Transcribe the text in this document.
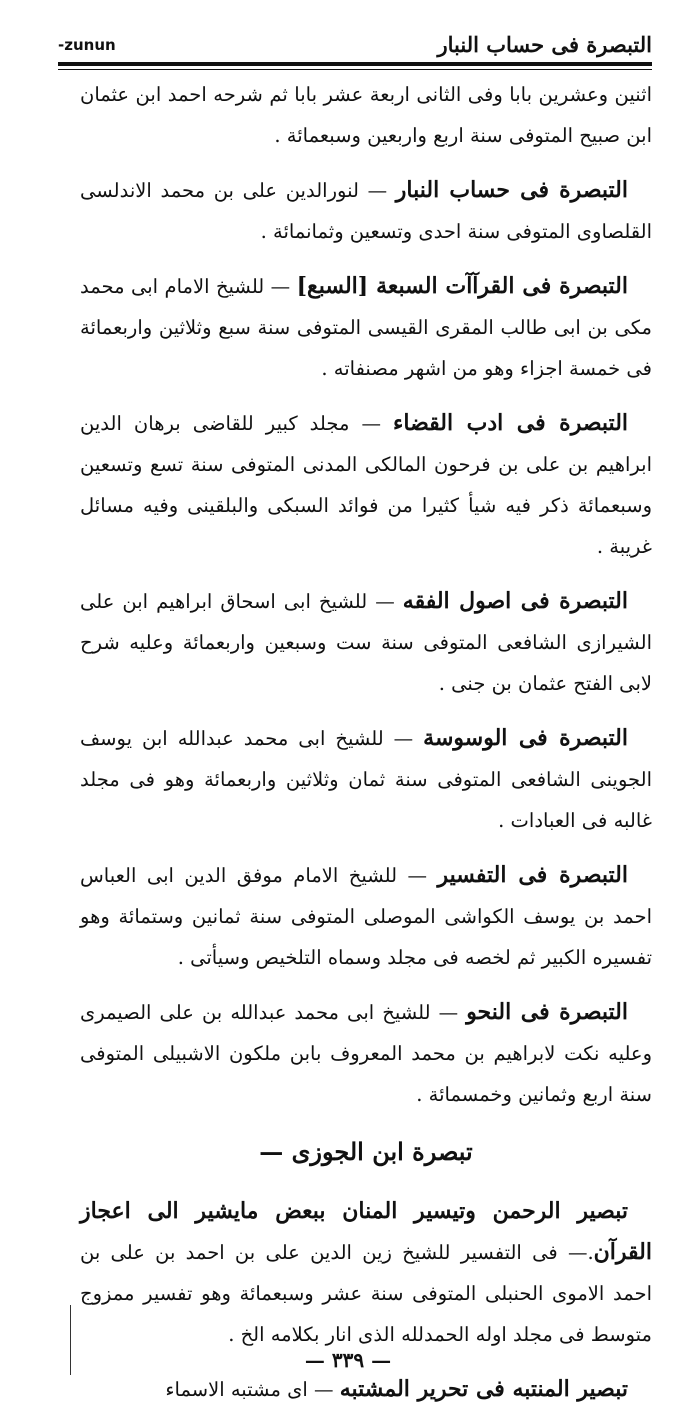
-zunun	التبصرة فى حساب النبار

اثنين وعشرين بابا وفى الثانى اربعة عشر بابا ثم شرحه احمد ابن عثمان ابن صبيح المتوفى سنة اربع واربعين وسبعمائة .

التبصرة فى حساب النبار — لنورالدين على بن محمد الاندلسى القلصاوى المتوفى سنة احدى وتسعين وثمانمائة .

التبصرة فى القرآآت السبعة [السبع] — للشيخ الامام ابى محمد مكى بن ابى طالب المقرى القيسى المتوفى سنة سبع وثلاثين واربعمائة فى خمسة اجزاء وهو من اشهر مصنفاته .

التبصرة فى ادب القضاء — مجلد كبير للقاضى برهان الدين ابراهيم بن على بن فرحون المالكى المدنى المتوفى سنة تسع وتسعين وسبعمائة ذكر فيه شيأ كثيرا من فوائد السبكى والبلقينى وفيه مسائل غريبة .

التبصرة فى اصول الفقه — للشيخ ابى اسحاق ابراهيم ابن على الشيرازى الشافعى المتوفى سنة ست وسبعين واربعمائة وعليه شرح لابى الفتح عثمان بن جنى .

التبصرة فى الوسوسة — للشيخ ابى محمد عبدالله ابن يوسف الجوينى الشافعى المتوفى سنة ثمان وثلاثين واربعمائة وهو فى مجلد غالبه فى العبادات .

التبصرة فى التفسير — للشيخ الامام موفق الدين ابى العباس احمد بن يوسف الكواشى الموصلى المتوفى سنة ثمانين وستمائة وهو تفسيره الكبير ثم لخصه فى مجلد وسماه التلخيص وسيأتى .

التبصرة فى النحو — للشيخ ابى محمد عبدالله بن على الصيمرى وعليه نكت لابراهيم بن محمد المعروف بابن ملكون الاشبيلى المتوفى سنة اربع وثمانين وخمسمائة .

تبصرة ابن الجوزى —

تبصير الرحمن وتيسير المنان ببعض مايشير الى اعجاز القرآن.— فى التفسير للشيخ زين الدين على بن احمد بن على بن احمد الاموى الحنبلى المتوفى سنة عشر وسبعمائة وهو تفسير ممزوج متوسط فى مجلد اوله الحمدلله الذى انار بكلامه الخ .

تبصير المنتبه فى تحرير المشتبه — اى مشتبه الاسماء

— ٣٣٩ —
